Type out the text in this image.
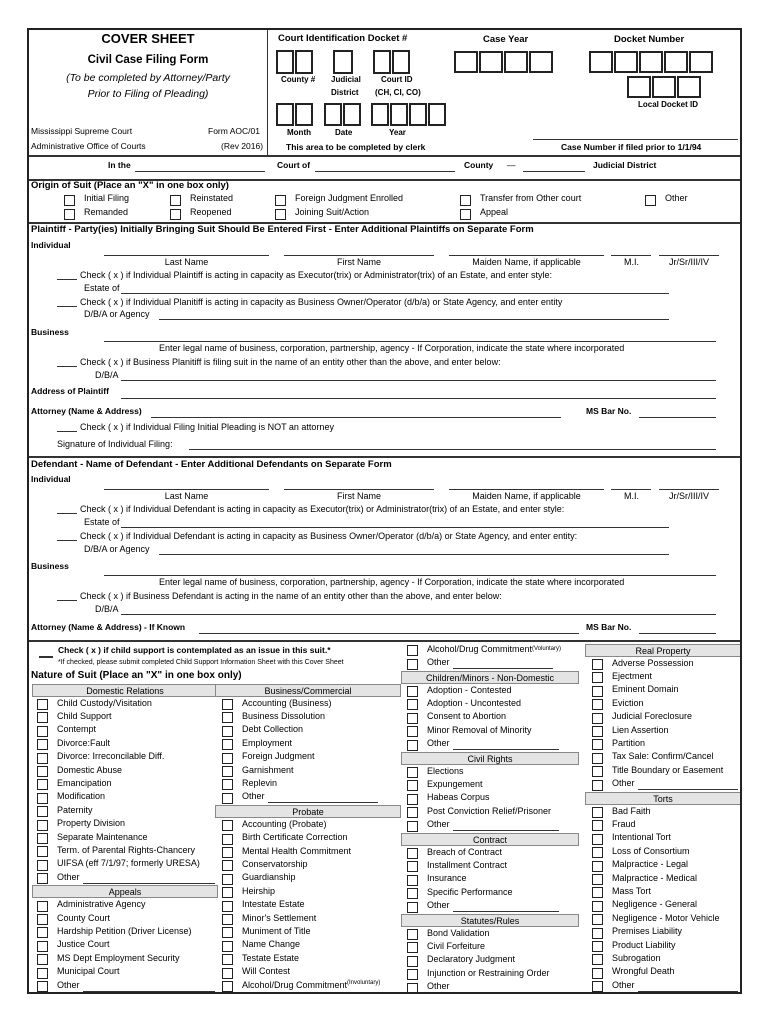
COVER SHEET
Civil Case Filing Form
(To be completed by Attorney/Party
Prior to Filing of Pleading)
Mississippi Supreme Court	Form AOC/01
Administrative Office of Courts	(Rev 2016)
Court Identification Docket #
County # Judicial
District
Court ID
(CH, CI, CO)
Case Year	Docket Number
Local Docket ID
Month	Date	Year
This area to be completed by clerk	Case Number if filed prior to 1/1/94
In the	Court of	County —	Judicial District
Origin of Suit (Place an "X" in one box only)
Initial Filing
Remanded
Reinstated
Reopened
Foreign Judgment Enrolled
Joining Suit/Action
Transfer from Other court
Appeal
Other
Plaintiff - Party(ies) Initially Bringing Suit Should Be Entered First - Enter Additional Plaintiffs on Separate Form
Individual
Last Name	First Name	Maiden Name, if applicable	M.I.	Jr/Sr/III/IV
Check ( x ) if Individual Plaintiff is acting in capacity as Executor(trix) or Administrator(trix) of an Estate, and enter style:
Estate of
Check ( x ) if Individual Planitiff is acting in capacity as Business Owner/Operator (d/b/a) or State Agency, and enter entity
D/B/A or Agency
Business
Enter legal name of business, corporation, partnership, agency - If Corporation, indicate the state where incorporated
Check ( x ) if Business Planitiff is filing suit in the name of an entity other than the above, and enter below:
D/B/A
Address of Plaintiff
Attorney (Name & Address)	MS Bar No.
Check ( x ) if Individual Filing Initial Pleading is NOT an attorney
Signature of Individual Filing:
Defendant - Name of Defendant - Enter Additional Defendants on Separate Form
Individual
Last Name	First Name	Maiden Name, if applicable	M.I.	Jr/Sr/III/IV
Check ( x ) if Individual Defendant is acting in capacity as Executor(trix) or Administrator(trix) of an Estate, and enter style:
Estate of
Check ( x ) if Individual Defendant is acting in capacity as Business Owner/Operator (d/b/a) or State Agency, and enter entity:
D/B/A or Agency
Business
Enter legal name of business, corporation, partnership, agency - If Corporation, indicate the state where incorporated
Check ( x ) if Business Defendant is acting in the name of an entity other than the above, and enter below:
D/B/A
Attorney (Name & Address) - If Known	MS Bar No.
Check ( x ) if child support is contemplated as an issue in this suit.*
*If checked, please submit completed Child Support Information Sheet with this Cover Sheet
Nature of Suit (Place an "X" in one box only)
Domestic Relations
Child Custody/Visitation
Child Support
Contempt
Divorce:Fault
Divorce: Irreconcilable Diff.
Domestic Abuse
Emancipation
Modification
Paternity
Property Division
Separate Maintenance
Term. of Parental Rights-Chancery
UIFSA (eff 7/1/97; formerly URESA)
Other
Appeals
Administrative Agency
County Court
Hardship Petition (Driver License)
Justice Court
MS Dept Employment Security
Municipal Court
Other
Business/Commercial
Accounting (Business)
Business Dissolution
Debt Collection
Employment
Foreign Judgment
Garnishment
Replevin
Other
Probate
Accounting (Probate)
Birth Certificate Correction
Mental Health Commitment
Conservatorship
Guardianship
Heirship
Intestate Estate
Minor's Settlement
Muniment of Title
Name Change
Testate Estate
Will Contest
Alcohol/Drug Commitment
Alcohol/Drug Commitment (Voluntary)
Other
Children/Minors - Non-Domestic
Adoption - Contested
Adoption - Uncontested
Consent to Abortion
Minor Removal of Minority
Other
Civil Rights
Elections
Expungement
Habeas Corpus
Post Conviction Relief/Prisoner
Other
Contract
Breach of Contract
Installment Contract
Insurance
Specific Performance
Other
Statutes/Rules
Bond Validation
Civil Forfeiture
Declaratory Judgment
Injunction or Restraining Order
Other
Real Property
Adverse Possession
Ejectment
Eminent Domain
Eviction
Judicial Foreclosure
Lien Assertion
Partition
Tax Sale: Confirm/Cancel
Title Boundary or Easement
Other
Torts
Bad Faith
Fraud
Intentional Tort
Loss of Consortium
Malpractice - Legal
Malpractice - Medical
Mass Tort
Negligence - General
Negligence - Motor Vehicle
Premises Liability
Product Liability
Subrogation
Wrongful Death
Other
(Involuntary)
